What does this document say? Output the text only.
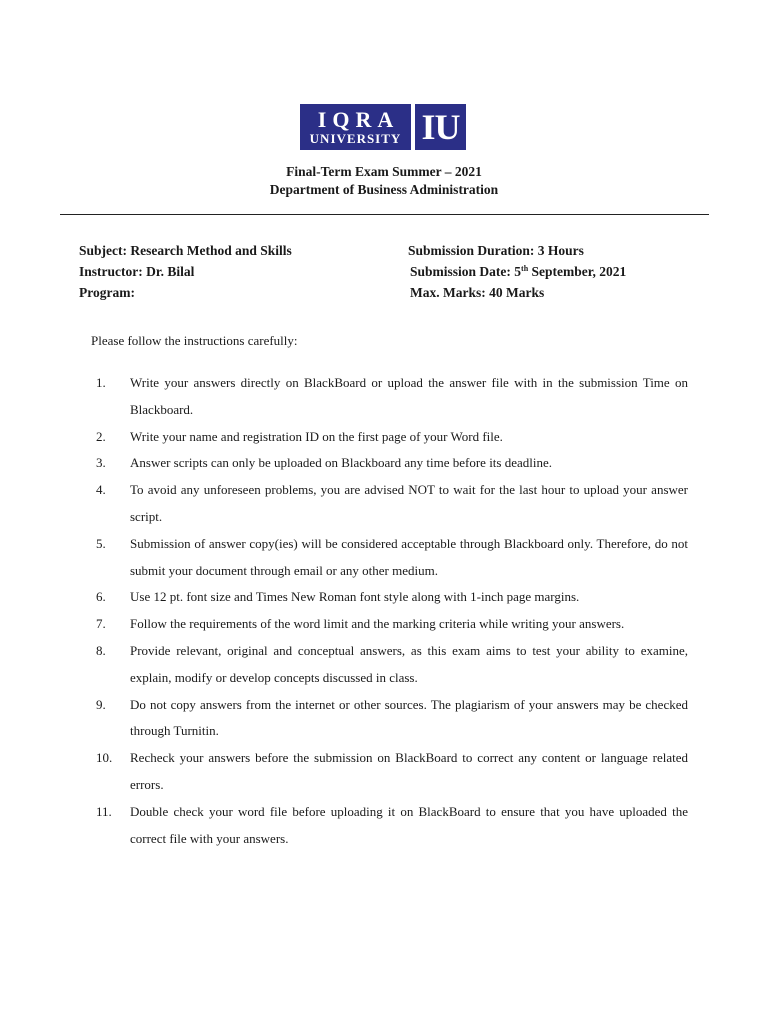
IQRA
UNIVERSITY IU
Final-Term Exam Summer – 2021
Department of Business Administration
Subject: Research Method and Skills
Instructor: Dr. Bilal
Program:
Submission Duration: 3 Hours
Submission Date: 5th September, 2021
Max. Marks: 40 Marks
Please follow the instructions carefully:
1.	Write your answers directly on BlackBoard or upload the answer file with in the submission Time on Blackboard.
2.	Write your name and registration ID on the first page of your Word file.
3.	Answer scripts can only be uploaded on Blackboard any time before its deadline.
4.	To avoid any unforeseen problems, you are advised NOT to wait for the last hour to upload your answer script.
5.	Submission of answer copy(ies) will be considered acceptable through Blackboard only. Therefore, do not submit your document through email or any other medium.
6.	Use 12 pt. font size and Times New Roman font style along with 1-inch page margins.
7.	Follow the requirements of the word limit and the marking criteria while writing your answers.
8.	Provide relevant, original and conceptual answers, as this exam aims to test your ability to examine, explain, modify or develop concepts discussed in class.
9.	Do not copy answers from the internet or other sources. The plagiarism of your answers may be checked through Turnitin.
10.	Recheck your answers before the submission on BlackBoard to correct any content or language related errors.
11.	Double check your word file before uploading it on BlackBoard to ensure that you have uploaded the correct file with your answers.
